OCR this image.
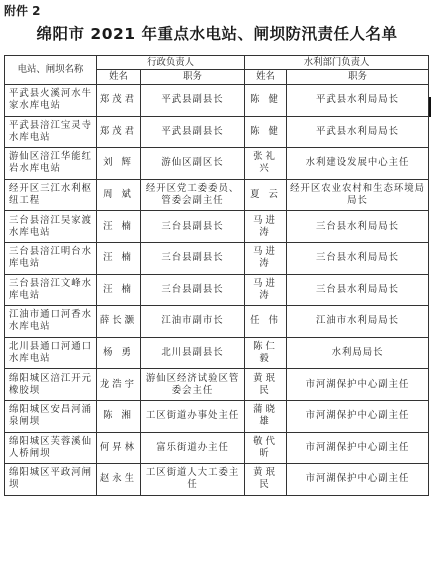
附件 2
绵阳市 2021 年重点水电站、闸坝防汛责任人名单
电站、闸坝名称	行政负责人		水利部门负责人	
	姓名	职务	姓名	职务
平武县火溪河水牛家水库电站	郑茂君	平武县副县长	陈 健	平武县水利局局长
平武县涪江宝灵寺水库电站	郑茂君	平武县副县长	陈 健	平武县水利局局长
游仙区涪江华能红岩水库电站	刘 辉	游仙区副区长	张礼兴	水利建设发展中心主任
经开区三江水利枢纽工程	周 斌	经开区党工委委员、管委会副主任	夏 云	经开区农业农村和生态环境局局长
三台县涪江吴家渡水库电站	汪 楠	三台县副县长	马进涛	三台县水利局局长
三台县涪江明台水库电站	汪 楠	三台县副县长	马进涛	三台县水利局局长
三台县涪江文峰水库电站	汪 楠	三台县副县长	马进涛	三台县水利局局长
江油市通口河香水水库电站	薛长灏	江油市副市长	任 伟	江油市水利局局长
北川县通口河通口水库电站	杨 勇	北川县副县长	陈仁毅	水利局局长
绵阳城区涪江开元橡胶坝	龙浩宇	游仙区经济试验区管委会主任	黄珉民	市河湖保护中心副主任
绵阳城区安昌河涌泉闸坝	陈 湘	工区街道办事处主任	蒲晓雄	市河湖保护中心副主任
绵阳城区芙蓉溪仙人桥闸坝	何昇林	富乐街道办主任	敬代昕	市河湖保护中心副主任
绵阳城区平政河闸坝	赵永生	工区街道人大工委主任	黄珉民	市河湖保护中心副主任
